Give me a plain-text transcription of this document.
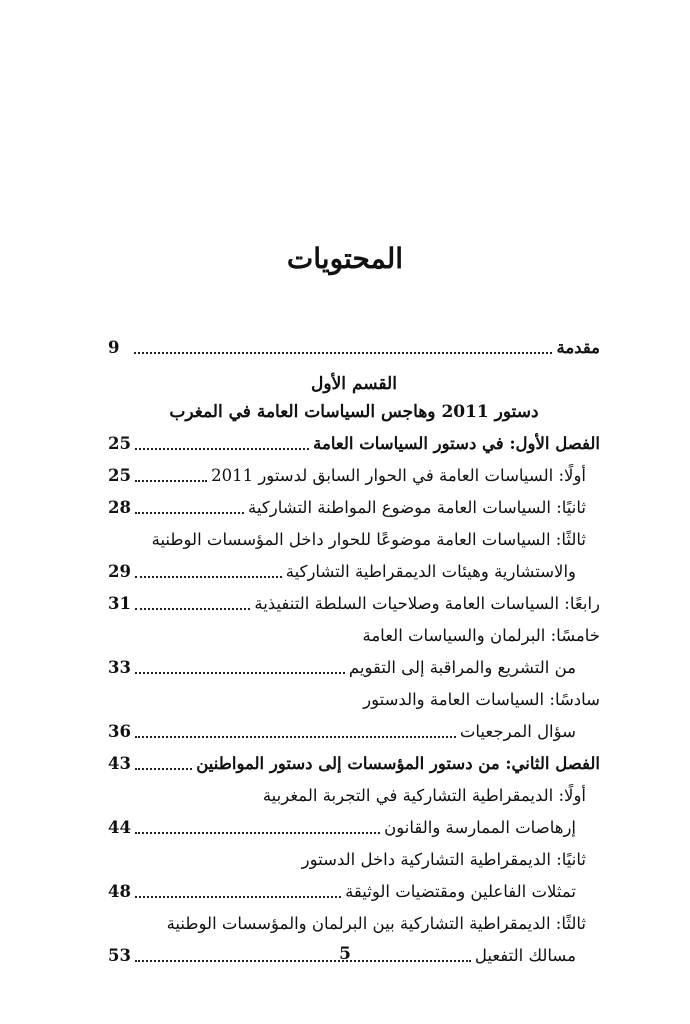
المحتويات
مقدمة
9
القسم الأول
دستور 2011 وهاجس السياسات العامة في المغرب
الفصل الأول: في دستور السياسات العامة
25
أولًا: السياسات العامة في الحوار السابق لدستور 2011
25
ثانيًا: السياسات العامة موضوع المواطنة التشاركية
28
ثالثًا: السياسات العامة موضوعًا للحوار داخل المؤسسات الوطنية
والاستشارية وهيئات الديمقراطية التشاركية
29
رابعًا: السياسات العامة وصلاحيات السلطة التنفيذية
31
خامسًا: البرلمان والسياسات العامة
من التشريع والمراقبة إلى التقويم
33
سادسًا: السياسات العامة والدستور
سؤال المرجعيات
36
الفصل الثاني: من دستور المؤسسات إلى دستور المواطنين
43
أولًا: الديمقراطية التشاركية في التجربة المغربية
إرهاصات الممارسة والقانون
44
ثانيًا: الديمقراطية التشاركية داخل الدستور
تمثلات الفاعلين ومقتضيات الوثيقة
48
ثالثًا: الديمقراطية التشاركية بين البرلمان والمؤسسات الوطنية
مسالك التفعيل
53	5
